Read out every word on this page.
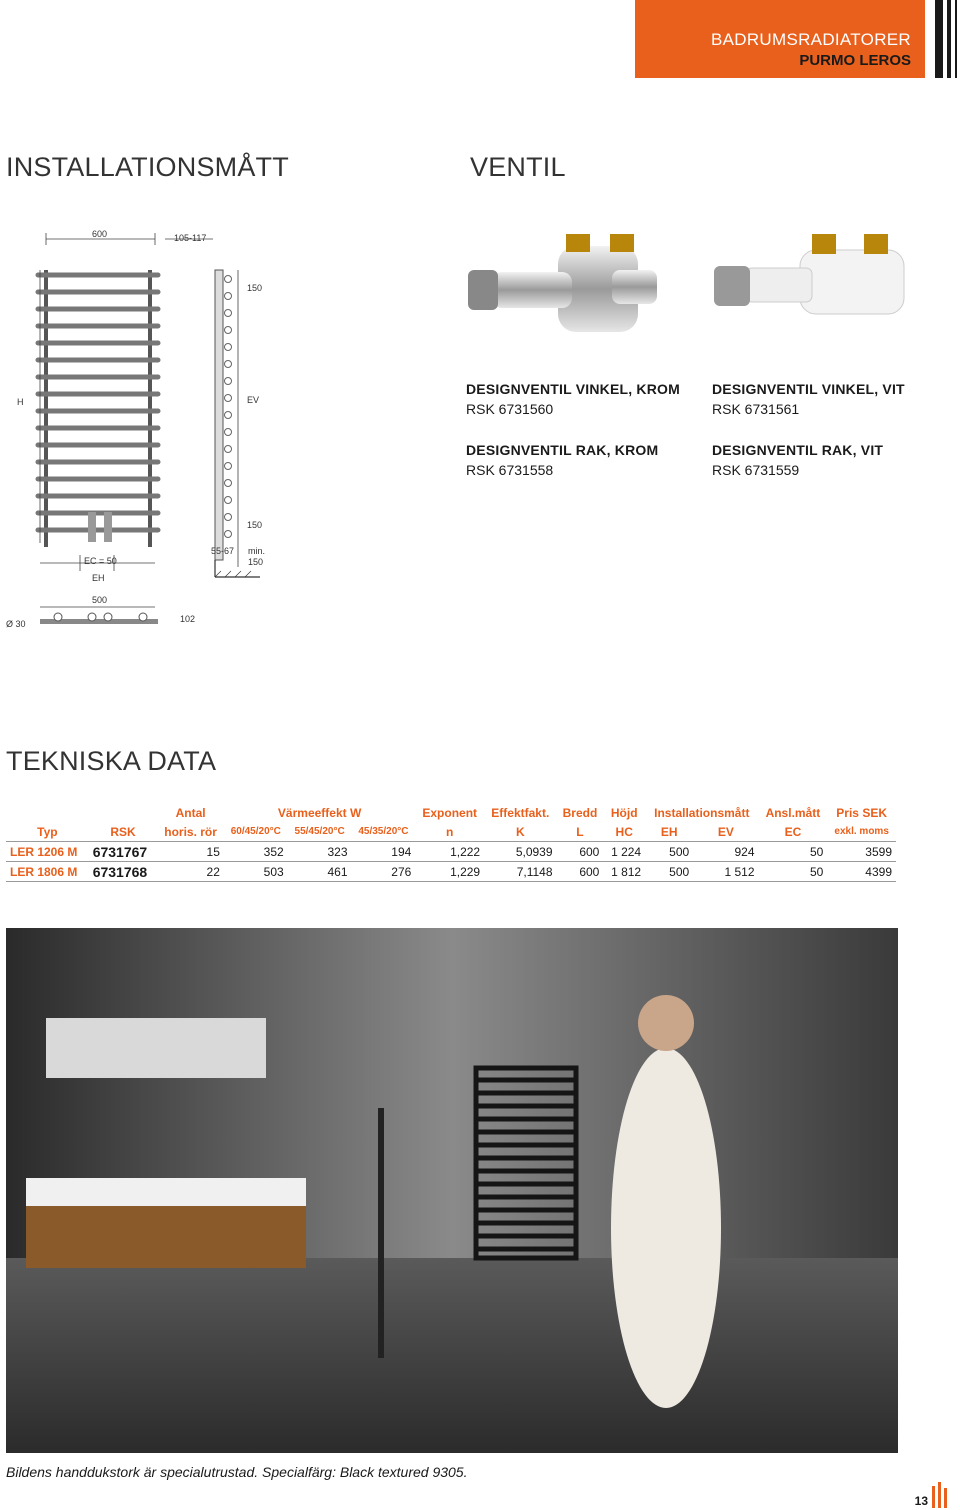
BADRUMSRADIATORER
PURMO LEROS
INSTALLATIONSMÅTT	VENTIL
600	105-117
H
EC = 50
EH
150
EV
150
55-67 min.
150
500
Ø 30	102
DESIGNVENTIL VINKEL, KROM
RSK 6731560
DESIGNVENTIL VINKEL, VIT
RSK 6731561
DESIGNVENTIL RAK, KROM
RSK 6731558
DESIGNVENTIL RAK, VIT
RSK 6731559
TEKNISKA DATA
		Antal	Värmeeffekt W			Exponent	Effektfakt.	Bredd	Höjd	Installationsmått		Ansl.mått	Pris SEK
Typ	RSK	horis. rör	60/45/20°C	55/45/20°C	45/35/20°C	n	K	L	HC	EH	EV	EC	exkl. moms
LER 1206 M	6731767	15	352	323	194	1,222	5,0939	600	1 224	500	924	50	3599
LER 1806 M	6731768	22	503	461	276	1,229	7,1148	600	1 812	500	1 512	50	4399
Bildens handdukstork är specialutrustad. Specialfärg: Black textured 9305.
13
